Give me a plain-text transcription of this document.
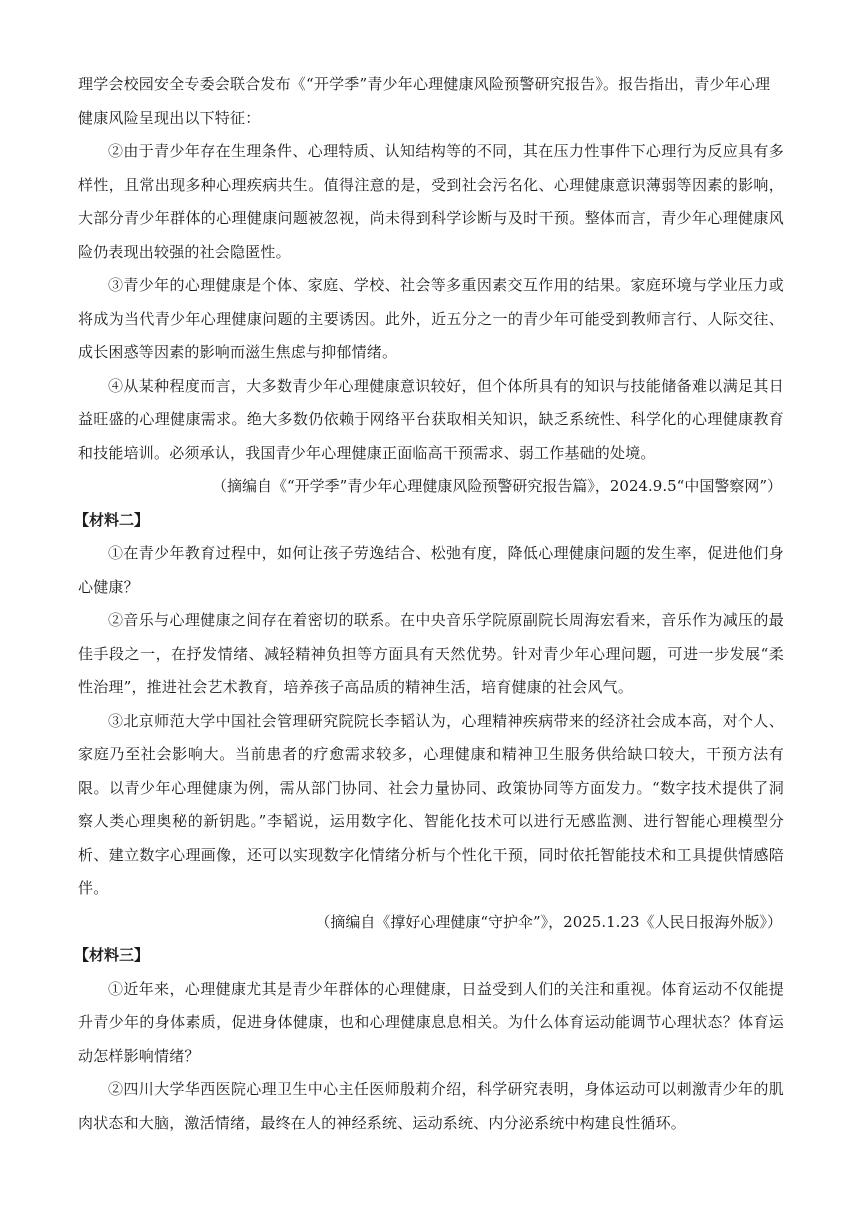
理学会校园安全专委会联合发布《“开学季”青少年心理健康风险预警研究报告》。报告指出，青少年心理

健康风险呈现出以下特征：

②由于青少年存在生理条件、心理特质、认知结构等的不同，其在压力性事件下心理行为反应具有多样性，且常出现多种心理疾病共生。值得注意的是，受到社会污名化、心理健康意识薄弱等因素的影响，大部分青少年群体的心理健康问题被忽视，尚未得到科学诊断与及时干预。整体而言，青少年心理健康风险仍表现出较强的社会隐匿性。

③青少年的心理健康是个体、家庭、学校、社会等多重因素交互作用的结果。家庭环境与学业压力或将成为当代青少年心理健康问题的主要诱因。此外，近五分之一的青少年可能受到教师言行、人际交往、成长困惑等因素的影响而滋生焦虑与抑郁情绪。

④从某种程度而言，大多数青少年心理健康意识较好，但个体所具有的知识与技能储备难以满足其日益旺盛的心理健康需求。绝大多数仍依赖于网络平台获取相关知识，缺乏系统性、科学化的心理健康教育和技能培训。必须承认，我国青少年心理健康正面临高干预需求、弱工作基础的处境。

（摘编自《“开学季”青少年心理健康风险预警研究报告篇》，2024.9.5“中国警察网”）

【材料二】

①在青少年教育过程中，如何让孩子劳逸结合、松弛有度，降低心理健康问题的发生率，促进他们身心健康？

②音乐与心理健康之间存在着密切的联系。在中央音乐学院原副院长周海宏看来，音乐作为减压的最佳手段之一，在抒发情绪、减轻精神负担等方面具有天然优势。针对青少年心理问题，可进一步发展“柔性治理”，推进社会艺术教育，培养孩子高品质的精神生活，培育健康的社会风气。

③北京师范大学中国社会管理研究院院长李韬认为，心理精神疾病带来的经济社会成本高，对个人、家庭乃至社会影响大。当前患者的疗愈需求较多，心理健康和精神卫生服务供给缺口较大，干预方法有限。以青少年心理健康为例，需从部门协同、社会力量协同、政策协同等方面发力。“数字技术提供了洞察人类心理奥秘的新钥匙。”李韬说，运用数字化、智能化技术可以进行无感监测、进行智能心理模型分析、建立数字心理画像，还可以实现数字化情绪分析与个性化干预，同时依托智能技术和工具提供情感陪伴。

（摘编自《撑好心理健康“守护伞”》，2025.1.23《人民日报海外版》）

【材料三】

①近年来，心理健康尤其是青少年群体的心理健康，日益受到人们的关注和重视。体育运动不仅能提升青少年的身体素质，促进身体健康，也和心理健康息息相关。为什么体育运动能调节心理状态？体育运动怎样影响情绪？

②四川大学华西医院心理卫生中心主任医师殷莉介绍，科学研究表明，身体运动可以刺激青少年的肌肉状态和大脑，激活情绪，最终在人的神经系统、运动系统、内分泌系统中构建良性循环。
